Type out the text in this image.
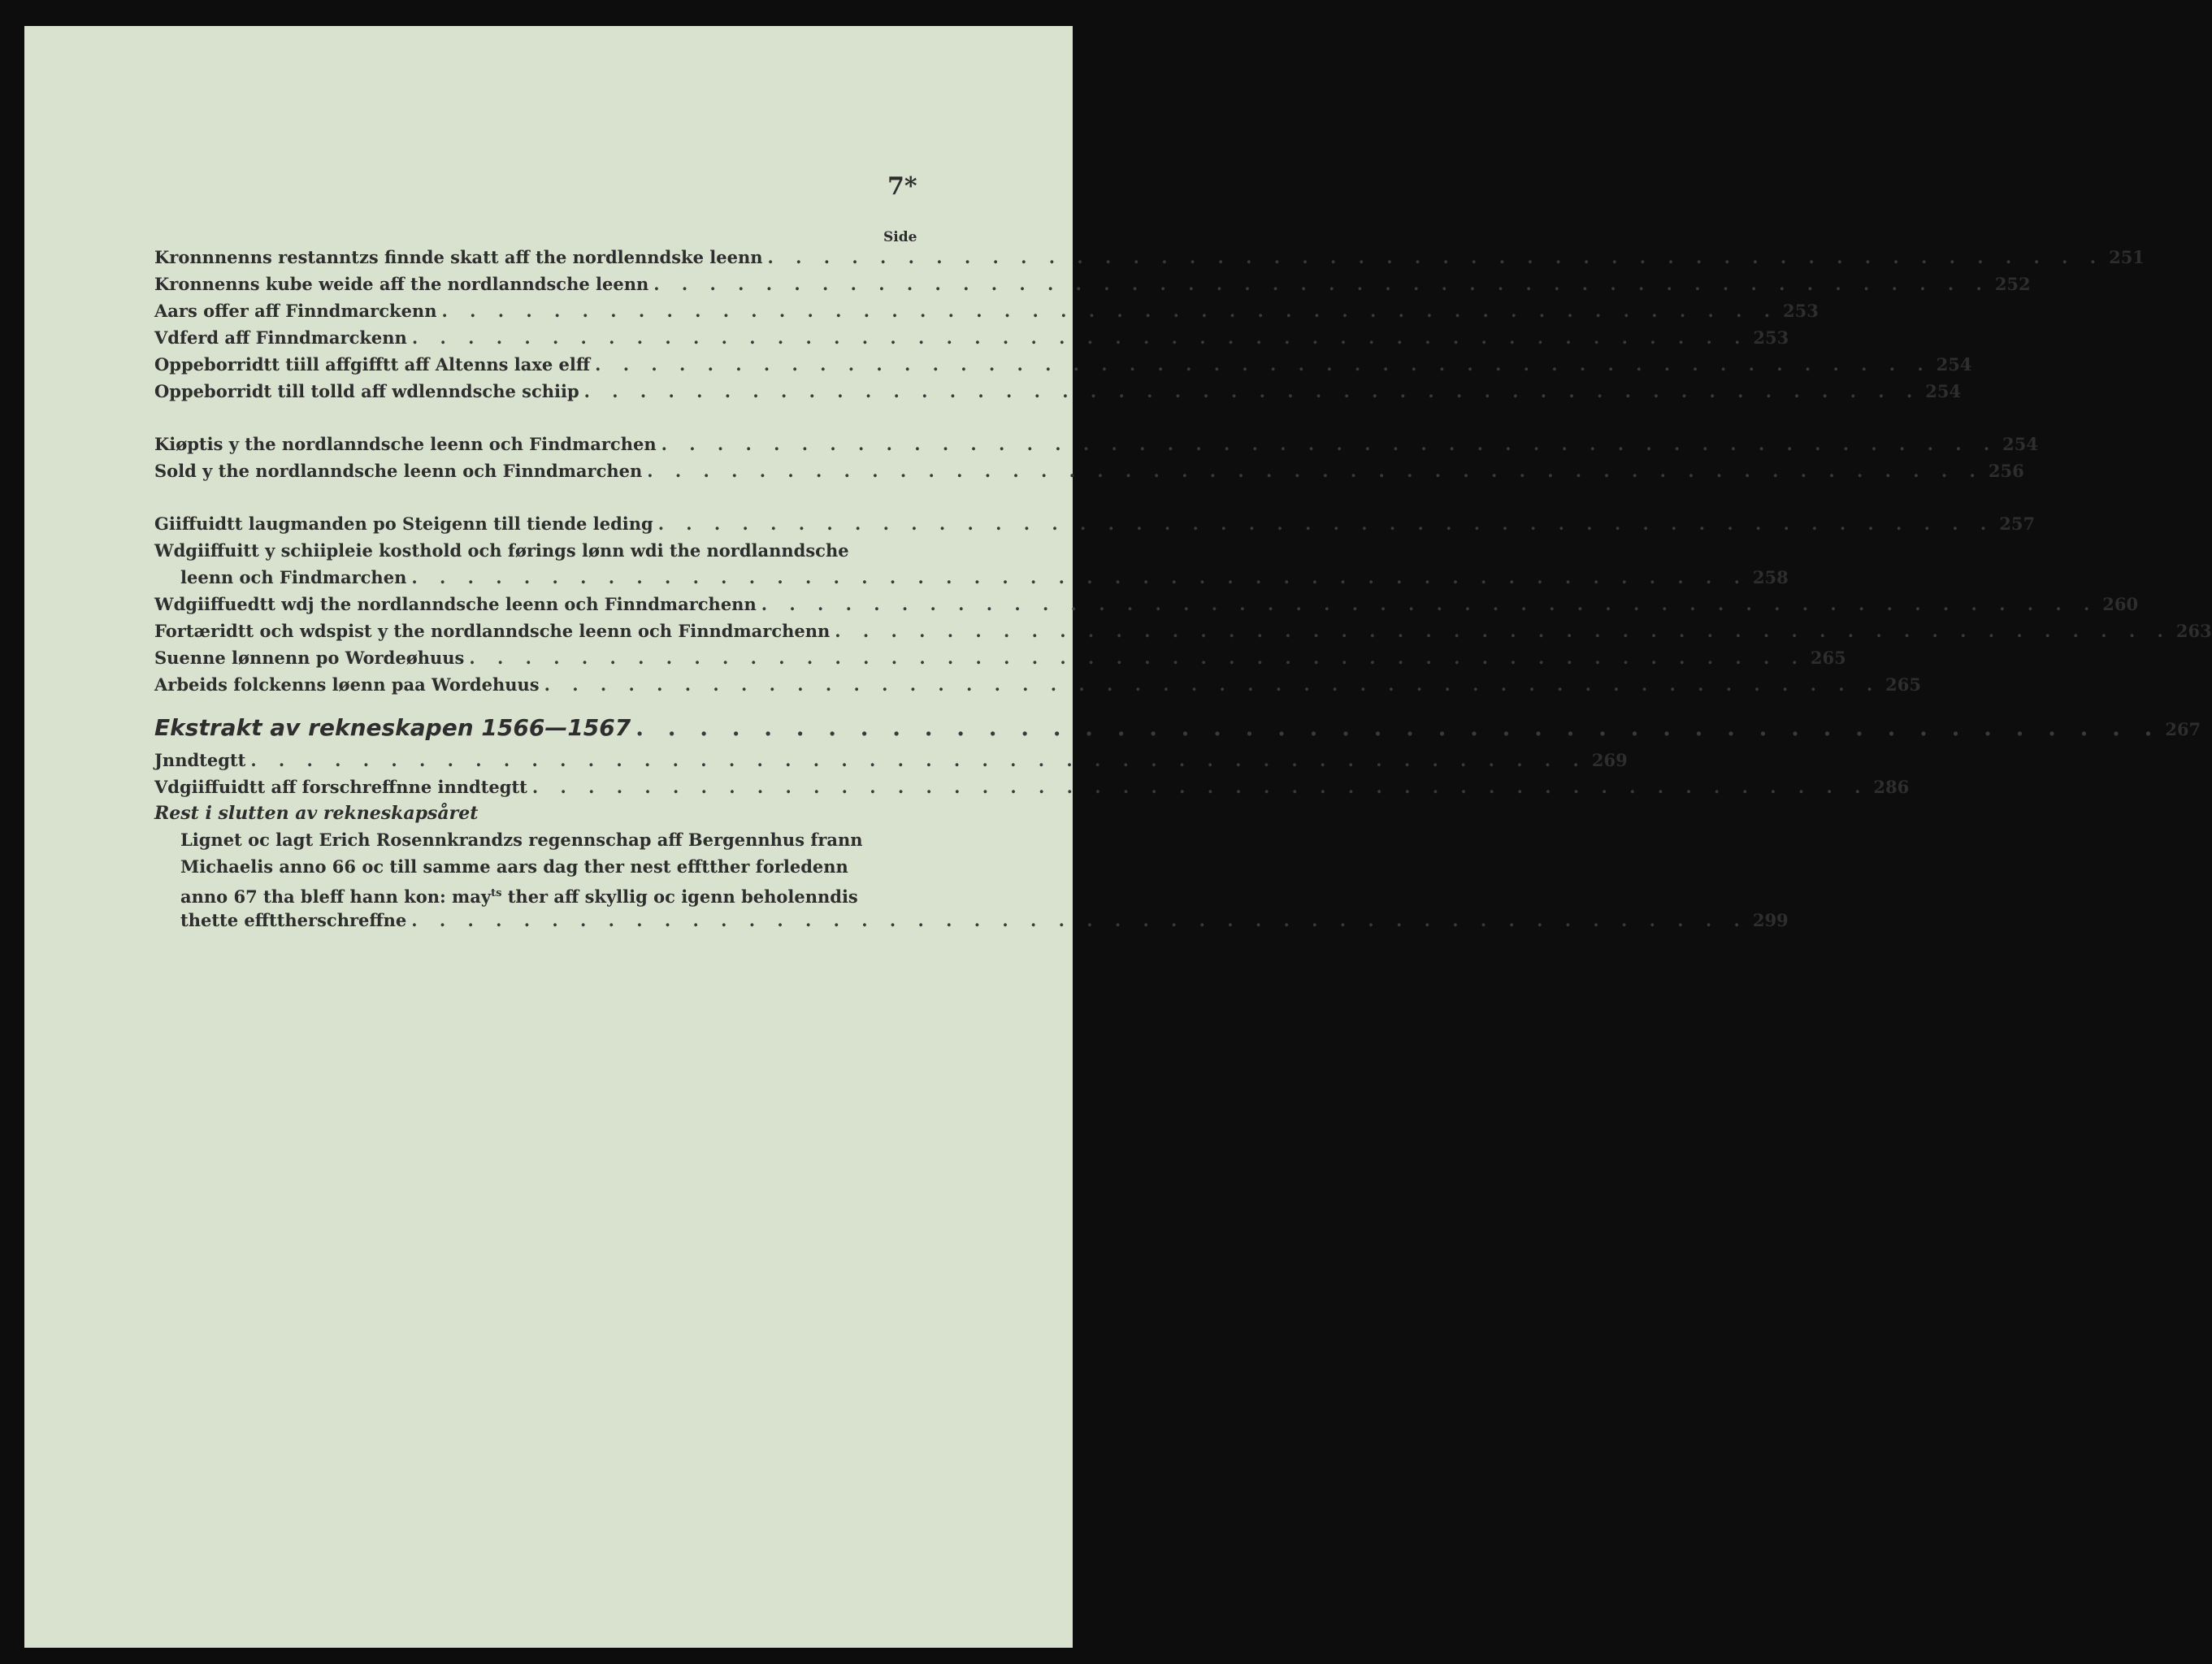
7*
Side
Kronnnenns restanntzs finnde skatt aff the nordlenndske leenn . . . . . . . . . . . . . . . . . . . . . . . . . . . . . . . . . . . . . . . . . . . . . . . . 251
Kronnenns kube weide aff the nordlanndsche leenn . . . . . . . . . . . . . . . . . . . . . . . . . . . . . . . . . . . . . . . . . . . . . . . . 252
Aars offer aff Finndmarckenn . . . . . . . . . . . . . . . . . . . . . . . . . . . . . . . . . . . . . . . . . . . . . . . . 253
Vdferd aff Finndmarckenn . . . . . . . . . . . . . . . . . . . . . . . . . . . . . . . . . . . . . . . . . . . . . . . . 253
Oppeborridtt tiill affgifftt aff Altenns laxe elff . . . . . . . . . . . . . . . . . . . . . . . . . . . . . . . . . . . . . . . . . . . . . . . . 254
Oppeborridt till tolld aff wdlenndsche schiip . . . . . . . . . . . . . . . . . . . . . . . . . . . . . . . . . . . . . . . . . . . . . . . . 254
Kiøptis y the nordlanndsche leenn och Findmarchen . . . . . . . . . . . . . . . . . . . . . . . . . . . . . . . . . . . . . . . . . . . . . . . . 254
Sold y the nordlanndsche leenn och Finndmarchen . . . . . . . . . . . . . . . . . . . . . . . . . . . . . . . . . . . . . . . . . . . . . . . . 256
Giiffuidtt laugmanden po Steigenn till tiende leding . . . . . . . . . . . . . . . . . . . . . . . . . . . . . . . . . . . . . . . . . . . . . . . . 257
Wdgiiffuitt y schiipleie kosthold och førings lønn wdi the nordlanndsche
leenn och Findmarchen . . . . . . . . . . . . . . . . . . . . . . . . . . . . . . . . . . . . . . . . . . . . . . . . 258
Wdgiiffuedtt wdj the nordlanndsche leenn och Finndmarchenn . . . . . . . . . . . . . . . . . . . . . . . . . . . . . . . . . . . . . . . . . . . . . . . . 260
Fortæridtt och wdspist y the nordlanndsche leenn och Finndmarchenn . . . . . . . . . . . . . . . . . . . . . . . . . . . . . . . . . . . . . . . . . . . . . . . . 263
Suenne lønnenn po Wordeøhuus . . . . . . . . . . . . . . . . . . . . . . . . . . . . . . . . . . . . . . . . . . . . . . . . 265
Arbeids folckenns løenn paa Wordehuus . . . . . . . . . . . . . . . . . . . . . . . . . . . . . . . . . . . . . . . . . . . . . . . . 265
Ekstrakt av rekneskapen 1566—1567 . . . . . . . . . . . . . . . . . . . . . . . . . . . . . . . . . . . . . . . . . . . . . . . . 267
Jnndtegtt . . . . . . . . . . . . . . . . . . . . . . . . . . . . . . . . . . . . . . . . . . . . . . . . 269
Vdgiiffuidtt aff forschreffnne inndtegtt . . . . . . . . . . . . . . . . . . . . . . . . . . . . . . . . . . . . . . . . . . . . . . . . 286
Rest i slutten av rekneskapsåret
Lignet oc lagt Erich Rosennkrandzs regennschap aff Bergennhus frann
Michaelis anno 66 oc till samme aars dag ther nest efftther forledenn
anno 67 tha bleff hann kon: may$^{ts}$ ther aff skyllig oc igenn beholenndis
thette effttherschreffne . . . . . . . . . . . . . . . . . . . . . . . . . . . . . . . . . . . . . . . . . . . . . . . . 299
